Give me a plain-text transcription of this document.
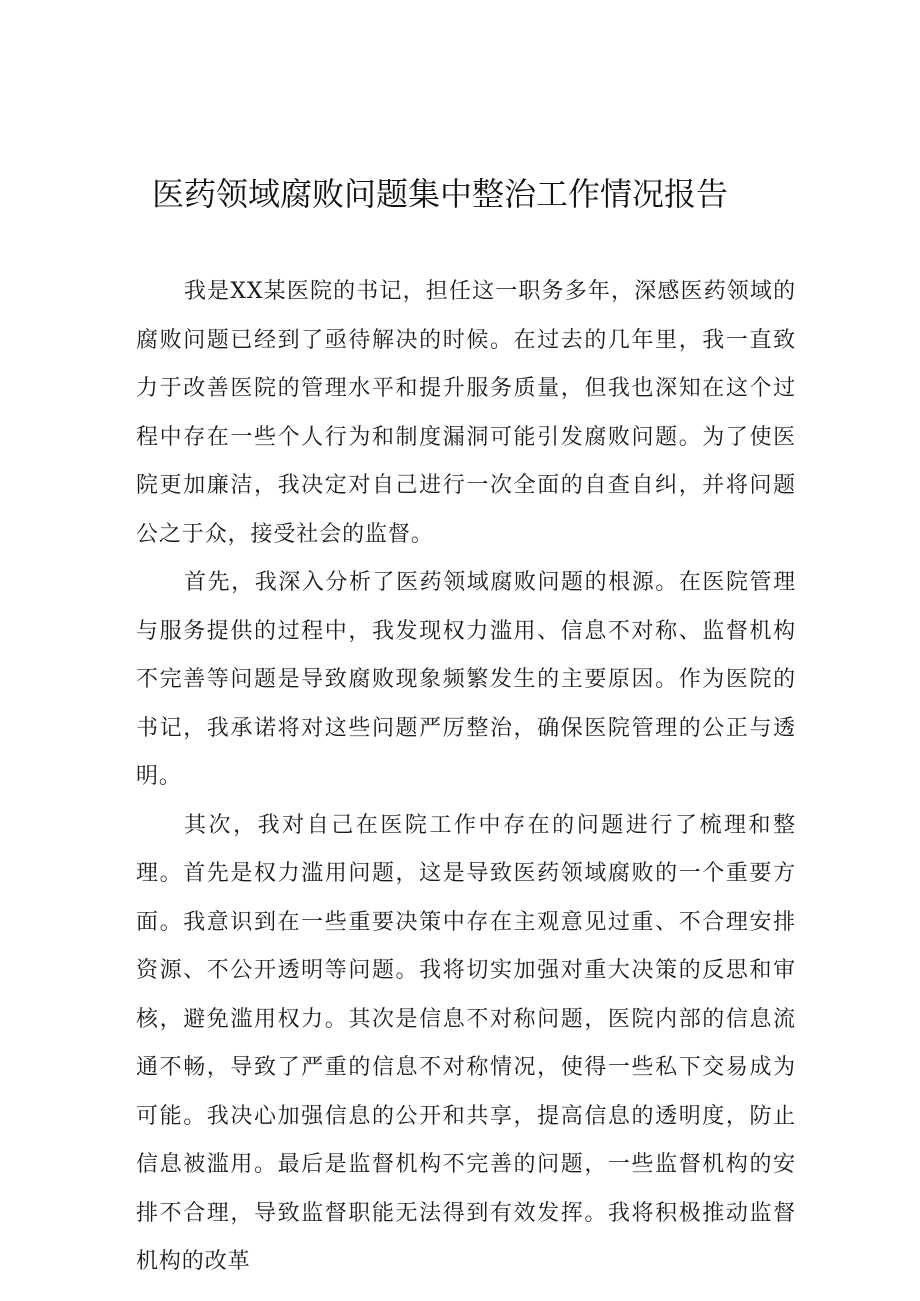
医药领域腐败问题集中整治工作情况报告

我是XX某医院的书记，担任这一职务多年，深感医药领域的腐败问题已经到了亟待解决的时候。在过去的几年里，我一直致力于改善医院的管理水平和提升服务质量，但我也深知在这个过程中存在一些个人行为和制度漏洞可能引发腐败问题。为了使医院更加廉洁，我决定对自己进行一次全面的自查自纠，并将问题公之于众，接受社会的监督。

首先，我深入分析了医药领域腐败问题的根源。在医院管理与服务提供的过程中，我发现权力滥用、信息不对称、监督机构不完善等问题是导致腐败现象频繁发生的主要原因。作为医院的书记，我承诺将对这些问题严厉整治，确保医院管理的公正与透明。

其次，我对自己在医院工作中存在的问题进行了梳理和整理。首先是权力滥用问题，这是导致医药领域腐败的一个重要方面。我意识到在一些重要决策中存在主观意见过重、不合理安排资源、不公开透明等问题。我将切实加强对重大决策的反思和审核，避免滥用权力。其次是信息不对称问题，医院内部的信息流通不畅，导致了严重的信息不对称情况，使得一些私下交易成为可能。我决心加强信息的公开和共享，提高信息的透明度，防止信息被滥用。最后是监督机构不完善的问题，一些监督机构的安排不合理，导致监督职能无法得到有效发挥。我将积极推动监督机构的改革
